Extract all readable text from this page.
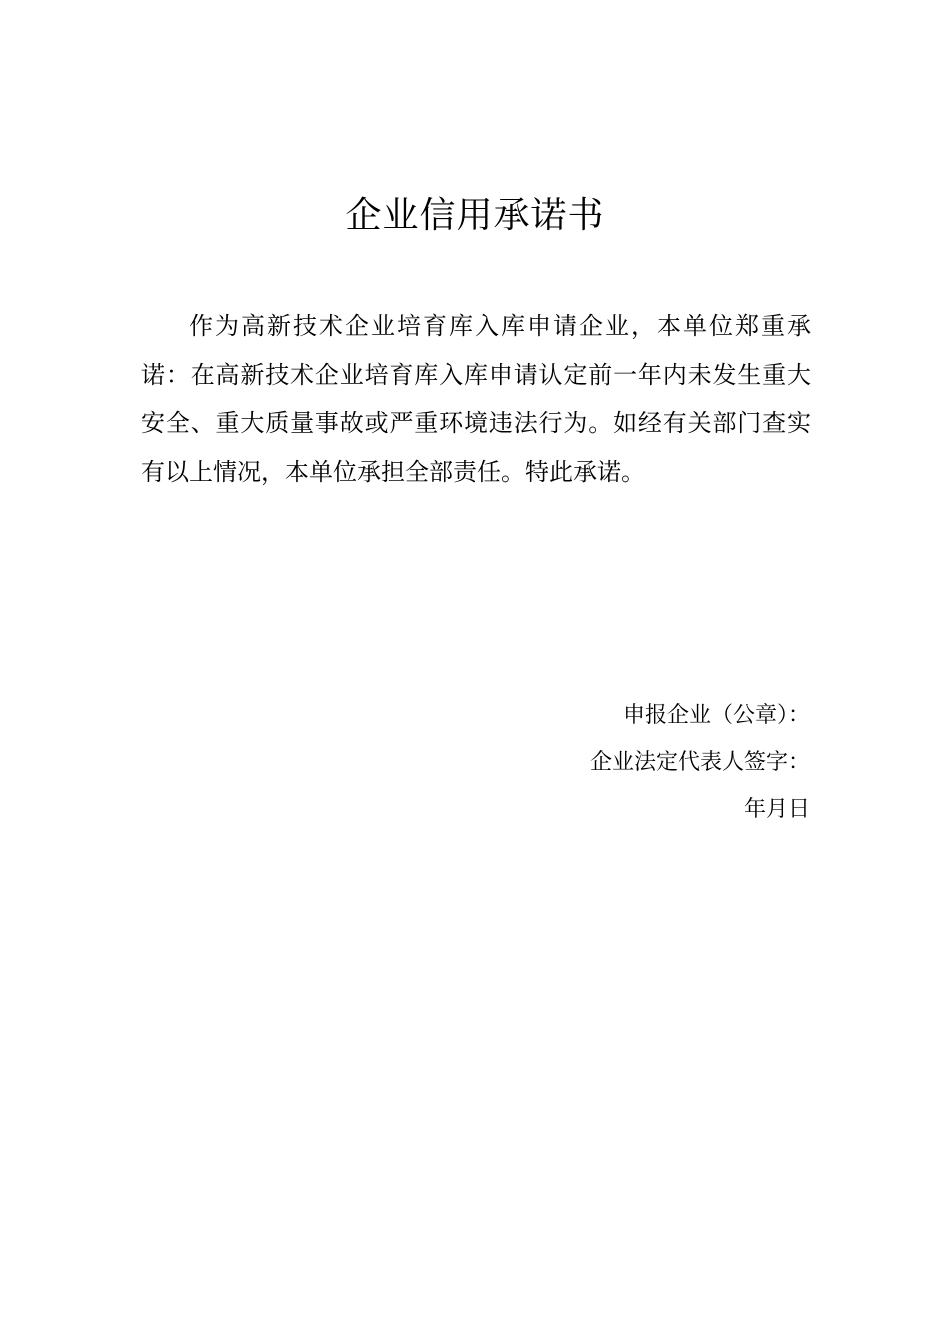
企业信用承诺书

作为高新技术企业培育库入库申请企业，本单位郑重承诺：在高新技术企业培育库入库申请认定前一年内未发生重大安全、重大质量事故或严重环境违法行为。如经有关部门查实有以上情况，本单位承担全部责任。特此承诺。

申报企业（公章）：
企业法定代表人签字：
年月日
